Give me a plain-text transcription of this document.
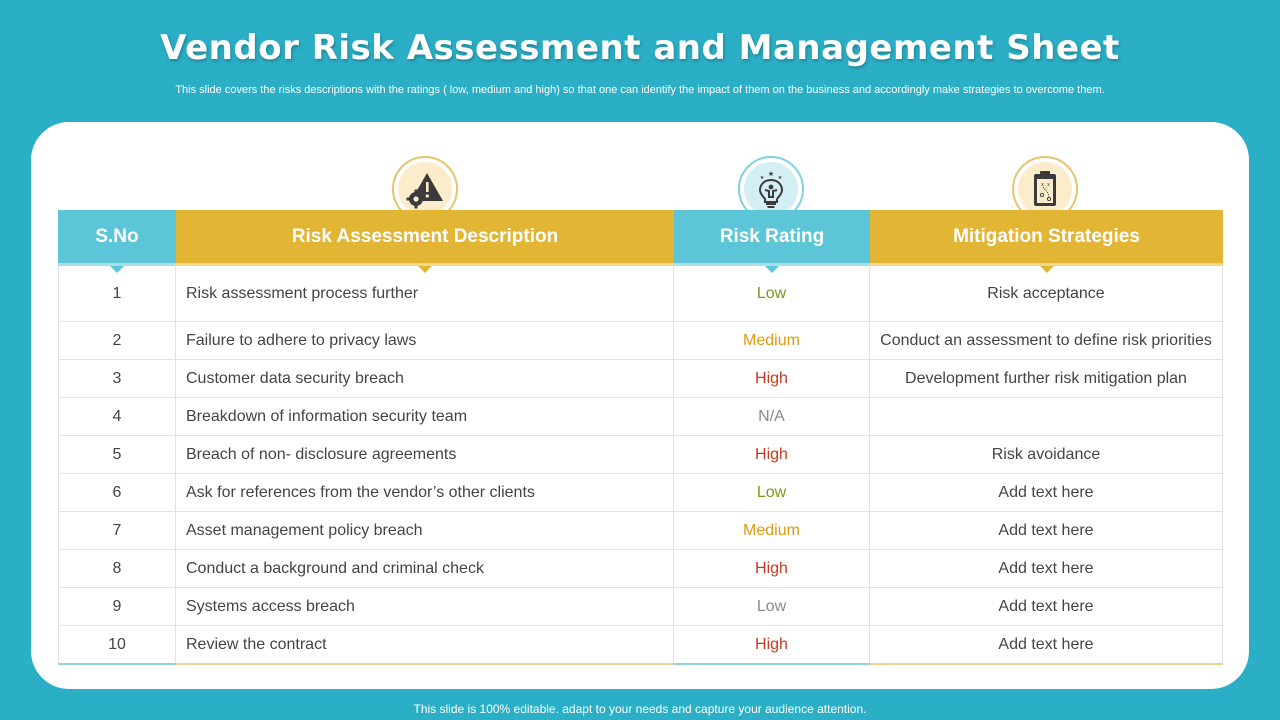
Vendor Risk Assessment and Management Sheet
This slide covers the risks descriptions with the ratings ( low, medium and high) so that one can identify the impact of them on the business and accordingly make strategies to overcome them.
★
★	★
x x
S.No	Risk Assessment Description	Risk Rating	Mitigation Strategies
1	Risk assessment process further	Low	Risk acceptance
2	Failure to adhere to privacy laws	Medium	Conduct an assessment to define risk priorities
3	Customer data security breach	High	Development further risk mitigation plan
4	Breakdown of information security team	N/A
5	Breach of non- disclosure agreements	High	Risk avoidance
6	Ask for references from the vendor’s other clients	Low	Add text here
7	Asset management policy breach	Medium	Add text here
8	Conduct a background and criminal check	High	Add text here
9	Systems access breach	Low	Add text here
10	Review the contract	High	Add text here
This slide is 100% editable. adapt to your needs and capture your audience attention.
